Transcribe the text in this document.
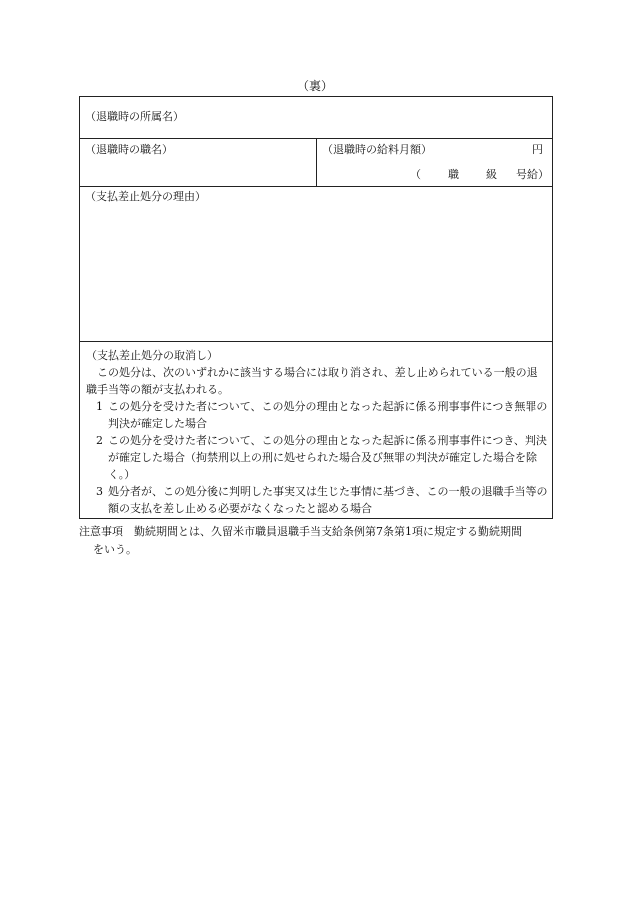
（裏）
（退職時の所属名）
（退職時の職名）	（退職時の給料月額）	円
（ 職 級 号給）
（支払差止処分の理由）

（支払差止処分の取消し）

この処分は、次のいずれかに該当する場合には取り消され、差し止められている一般の退職手当等の額が支払われる。

1 この処分を受けた者について、この処分の理由となった起訴に係る刑事事件につき無罪の判決が確定した場合

2 この処分を受けた者について、この処分の理由となった起訴に係る刑事事件につき、判決が確定した場合（拘禁刑以上の刑に処せられた場合及び無罪の判決が確定した場合を除く。）

3 処分者が、この処分後に判明した事実又は生じた事情に基づき、この一般の退職手当等の額の支払を差し止める必要がなくなったと認める場合

注意事項　勤続期間とは、久留米市職員退職手当支給条例第7条第1項に規定する勤続期間
をいう。
